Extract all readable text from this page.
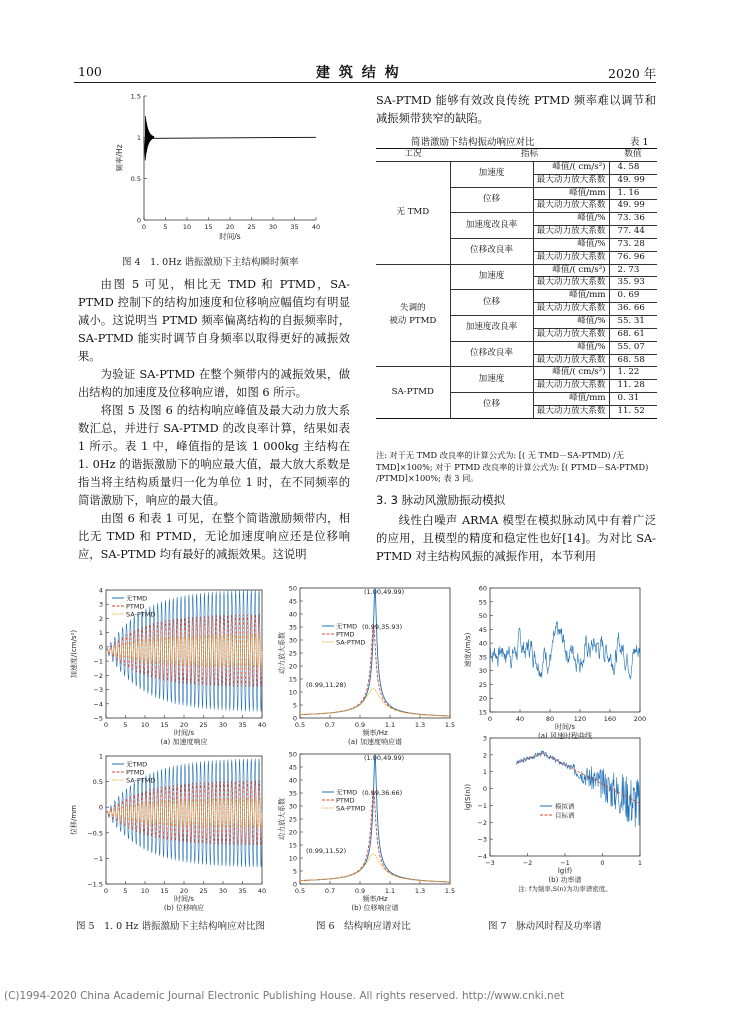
100	建 筑 结 构	2020 年
1.5
1
0.5
0
0	5 10 15 20 25 30 35 40
频率/Hz
时间/s
图 4　1. 0Hz 谐振激励下主结构瞬时频率

由图 5 可见，相比无 TMD 和 PTMD，SA-PTMD 控制下的结构加速度和位移响应幅值均有明显减小。这说明当 PTMD 频率偏离结构的自振频率时，SA-PTMD 能实时调节自身频率以取得更好的减振效果。

为验证 SA-PTMD 在整个频带内的减振效果，做出结构的加速度及位移响应谱，如图 6 所示。

将图 5 及图 6 的结构响应峰值及最大动力放大系数汇总，并进行 SA-PTMD 的改良率计算，结果如表 1 所示。表 1 中，峰值指的是该 1 000kg 主结构在 1. 0Hz 的谐振激励下的响应最大值，最大放大系数是指当将主结构质量归一化为单位 1 时，在不同频率的简谐激励下，响应的最大值。

由图 6 和表 1 可见，在整个简谐激励频带内，相比无 TMD 和 PTMD，无论加速度响应还是位移响应，SA-PTMD 均有最好的减振效果。这说明

SA-PTMD 能够有效改良传统 PTMD 频率难以调节和减振频带狭窄的缺陷。

简谐激励下结构振动响应对比	表 1
工况	指标		数值
无 TMD	加速度	峰值/( cm/s²)	4. 58
		最大动力放大系数	49. 99
	位移	峰值/mm	1. 16
		最大动力放大系数	49. 99
	加速度改良率	峰值/%	73. 36
		最大动力放大系数	77. 44
	位移改良率	峰值/%	73. 28
		最大动力放大系数	76. 96
失调的
被动 PTMD	加速度	峰值/( cm/s²)	2. 73
		最大动力放大系数	35. 93
	位移	峰值/mm	0. 69
		最大动力放大系数	36. 66
	加速度改良率	峰值/%	55. 31
		最大动力放大系数	68. 61
	位移改良率	峰值/%	55. 07
		最大动力放大系数	68. 58
SA-PTMD	加速度	峰值/( cm/s²)	1. 22
		最大动力放大系数	11. 28
	位移	峰值/mm	0. 31
		最大动力放大系数	11. 52
注: 对于无 TMD 改良率的计算公式为: [( 无 TMD－SA-PTMD) /无 TMD]×100%; 对于 PTMD 改良率的计算公式为: [( PTMD－SA-PTMD) /PTMD]×100%; 表 3 同。
3. 3 脉动风激励振动模拟

线性白噪声 ARMA 模型在模拟脉动风中有着广泛的应用，且模型的精度和稳定性也好[14]。为对比 SA-PTMD 对主结构风振的减振作用，本节利用

4
3
2
1
0
−1
−2
−3
−4
−5
0 5 10 15 20 25 30 35 40
加速度/(cm/s²)
时间/s
(a) 加速度响应
无TMD
PTMD
SA-PTMD
1
0.5
0
−0.5
−1
−1.5
0 5 10 15 20 25 30 35 40
位移/mm
时间/s
(b) 位移响应
无TMD
PTMD
SA-PTMD
图 5　1. 0 Hz 谐振激励下主结构响应对比图
50
45
40
35
30
25
20
15
10
5
0
0.5	0.7	0.9	1.1	1.3	1.5
动力放大系数
频率/Hz
(a) 加速度响应谱
(1.00,49.99)
(0.99,35.93)
(0.99,11.28)
无TMD
PTMD
SA-PTMD
50
45
40
35
30
25
20
15
10
5
0
0.5	0.7	0.9	1.1	1.3	1.5
动力放大系数
频率/Hz
(b) 位移响应谱
(1.00,49.99)
(0.99,36.66)
(0.99,11.52)
无TMD
PTMD
SA-PTMD
图 6　结构响应谱对比
60
55
50
45
40
35
30
25
20
15
0	40	80	120	160	200
速度/(m/s)
时间/s
(a) 风速时程曲线
3
2
1
0
−1
−2
−3
−4
−3	−2	−1	0	1
lg(S(n))
lg(f)
(b) 功率谱
注: f为频率,S(n)为功率谱密度。
模拟谱
目标谱
图 7　脉动风时程及功率谱
(C)1994-2020 China Academic Journal Electronic Publishing House. All rights reserved. http://www.cnki.net
